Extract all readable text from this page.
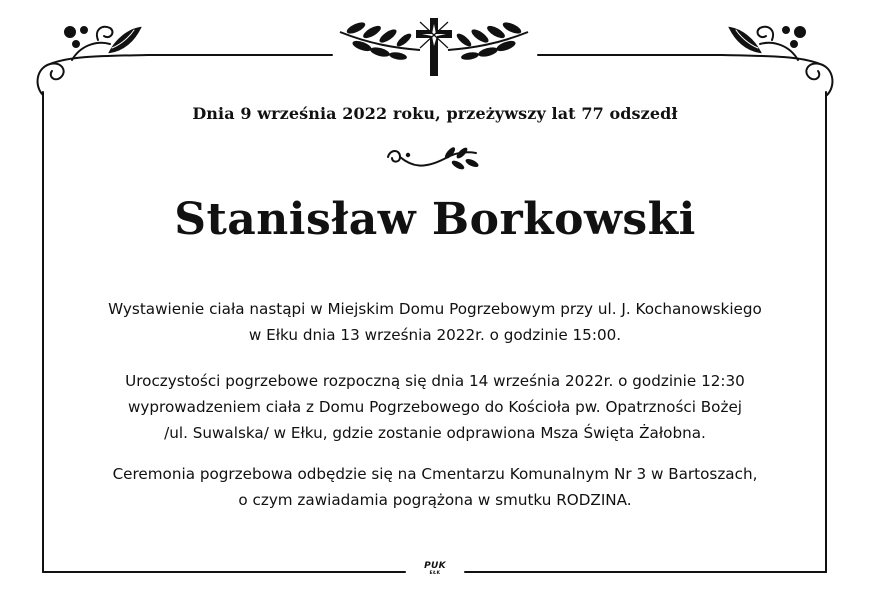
Dnia 9 września 2022 roku, przeżywszy lat 77 odszedł
Stanisław Borkowski
Wystawienie ciała nastąpi w Miejskim Domu Pogrzebowym przy ul. J. Kochanowskiego
w Ełku dnia 13 września 2022r. o godzinie 15:00.
Uroczystości pogrzebowe rozpoczną się dnia 14 września 2022r. o godzinie 12:30
wyprowadzeniem ciała z Domu Pogrzebowego do Kościoła pw. Opatrzności Bożej
/ul. Suwalska/ w Ełku, gdzie zostanie odprawiona Msza Święta Żałobna.
Ceremonia pogrzebowa odbędzie się na Cmentarzu Komunalnym Nr 3 w Bartoszach,
o czym zawiadamia pogrążona w smutku RODZINA.
PUK
EŁK
